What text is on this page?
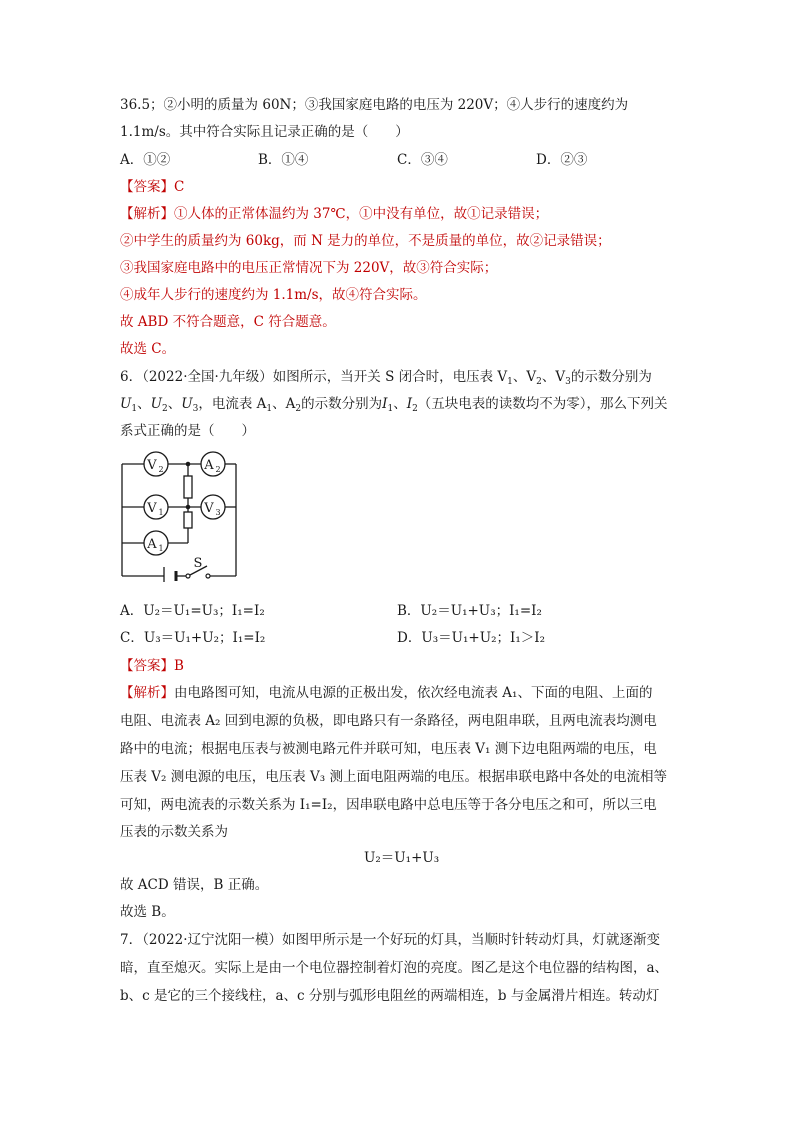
36.5；②小明的质量为 60N；③我国家庭电路的电压为 220V；④人步行的速度约为
1.1m/s。其中符合实际且记录正确的是（　　）
A．①②	B．①④	C．③④	D．②③
【答案】C
【解析】①人体的正常体温约为 37℃，①中没有单位，故①记录错误；
②中学生的质量约为 60kg，而 N 是力的单位，不是质量的单位，故②记录错误；
③我国家庭电路中的电压正常情况下为 220V，故③符合实际；
④成年人步行的速度约为 1.1m/s，故④符合实际。
故 ABD 不符合题意，C 符合题意。
故选 C。
6．（2022·全国·九年级）如图所示，当开关 S 闭合时，电压表 $V_1$、$V_2$、$V_3$的示数分别为
$U_1$、$U_2$、$U_3$，电流表 $A_1$、$A_2$的示数分别为$I_1$、$I_2$（五块电表的读数均不为零），那么下列关
系式正确的是（　　）
V 2	A 2
V 1	V 3
A 1
S
A．U₂＝U₁=U₃；I₁=I₂	B．U₂＝U₁+U₃；I₁=I₂
C．U₃＝U₁+U₂；I₁=I₂	D．U₃＝U₁+U₂；I₁＞I₂
【答案】B
【解析】由电路图可知，电流从电源的正极出发，依次经电流表 A₁、下面的电阻、上面的
电阻、电流表 A₂ 回到电源的负极，即电路只有一条路径，两电阻串联，且两电流表均测电
路中的电流；根据电压表与被测电路元件并联可知，电压表 V₁ 测下边电阻两端的电压，电
压表 V₂ 测电源的电压，电压表 V₃ 测上面电阻两端的电压。根据串联电路中各处的电流相等
可知，两电流表的示数关系为 I₁=I₂，因串联电路中总电压等于各分电压之和可，所以三电
压表的示数关系为
U₂＝U₁+U₃
故 ACD 错误，B 正确。
故选 B。
7．（2022·辽宁沈阳一模）如图甲所示是一个好玩的灯具，当顺时针转动灯具，灯就逐渐变
暗，直至熄灭。实际上是由一个电位器控制着灯泡的亮度。图乙是这个电位器的结构图，a、
b、c 是它的三个接线柱，a、c 分别与弧形电阻丝的两端相连，b 与金属滑片相连。转动灯
